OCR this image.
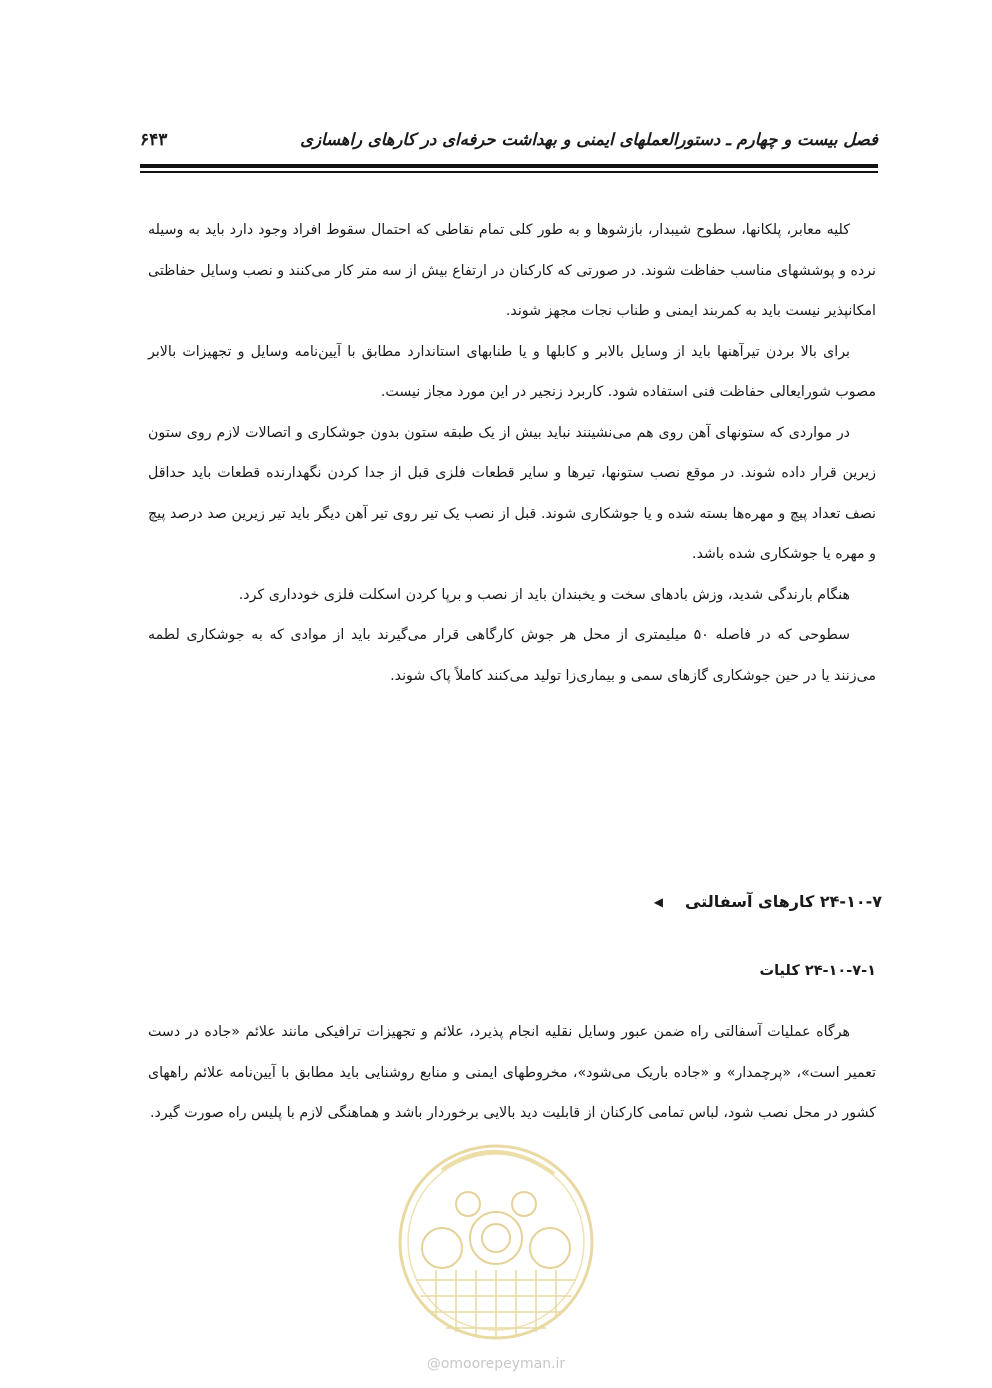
فصل بیست و چهارم ـ دستورالعملهای ایمنی و بهداشت حرفه‌ای در کارهای راهسازی
۶۴۳

کلیه معابر، پلکانها، سطوح شیبدار، بازشوها و به طور کلی تمام نقاطی که احتمال سقوط افراد وجود دارد باید به وسیله نرده و پوششهای مناسب حفاظت شوند. در صورتی که کارکنان در ارتفاع بیش از سه متر کار می‌کنند و نصب وسایل حفاظتی امکانپذیر نیست باید به کمربند ایمنی و طناب نجات مجهز شوند.

برای بالا بردن تیرآهنها باید از وسایل بالابر و کابلها و یا طنابهای استاندارد مطابق با آیین‌نامه وسایل و تجهیزات بالابر مصوب شورایعالی حفاظت فنی استفاده شود. کاربرد زنجیر در این مورد مجاز نیست.

در مواردی که ستونهای آهن روی هم می‌نشینند نباید بیش از یک طبقه ستون بدون جوشکاری و اتصالات لازم روی ستون زیرین قرار داده شوند. در موقع نصب ستونها، تیرها و سایر قطعات فلزی قبل از جدا کردن نگهدارنده قطعات باید حداقل نصف تعداد پیچ و مهره‌ها بسته شده و یا جوشکاری شوند. قبل از نصب یک تیر روی تیر آهن دیگر باید تیر زیرین صد درصد پیچ و مهره یا جوشکاری شده باشد.

هنگام بارندگی شدید، وزش بادهای سخت و یخبندان باید از نصب و برپا کردن اسکلت فلزی خودداری کرد.

سطوحی که در فاصله ۵۰ میلیمتری از محل هر جوش کارگاهی قرار می‌گیرند باید از موادی که به جوشکاری لطمه می‌زنند یا در حین جوشکاری گازهای سمی و بیماری‌زا تولید می‌کنند کاملاً پاک شوند.

۲۴-۱۰-۷ کارهای آسفالتی
◀
۲۴-۱۰-۷-۱ کلیات

هرگاه عملیات آسفالتی راه ضمن عبور وسایل نقلیه انجام پذیرد، علائم و تجهیزات ترافیکی مانند علائم «جاده در دست تعمیر است»، «پرچمدار» و «جاده باریک می‌شود»، مخروطهای ایمنی و منابع روشنایی باید مطابق با آیین‌نامه علائم راههای کشور در محل نصب شود، لباس تمامی کارکنان از قابلیت دید بالایی برخوردار باشد و هماهنگی لازم با پلیس راه صورت گیرد.

@omoorepeyman.ir
